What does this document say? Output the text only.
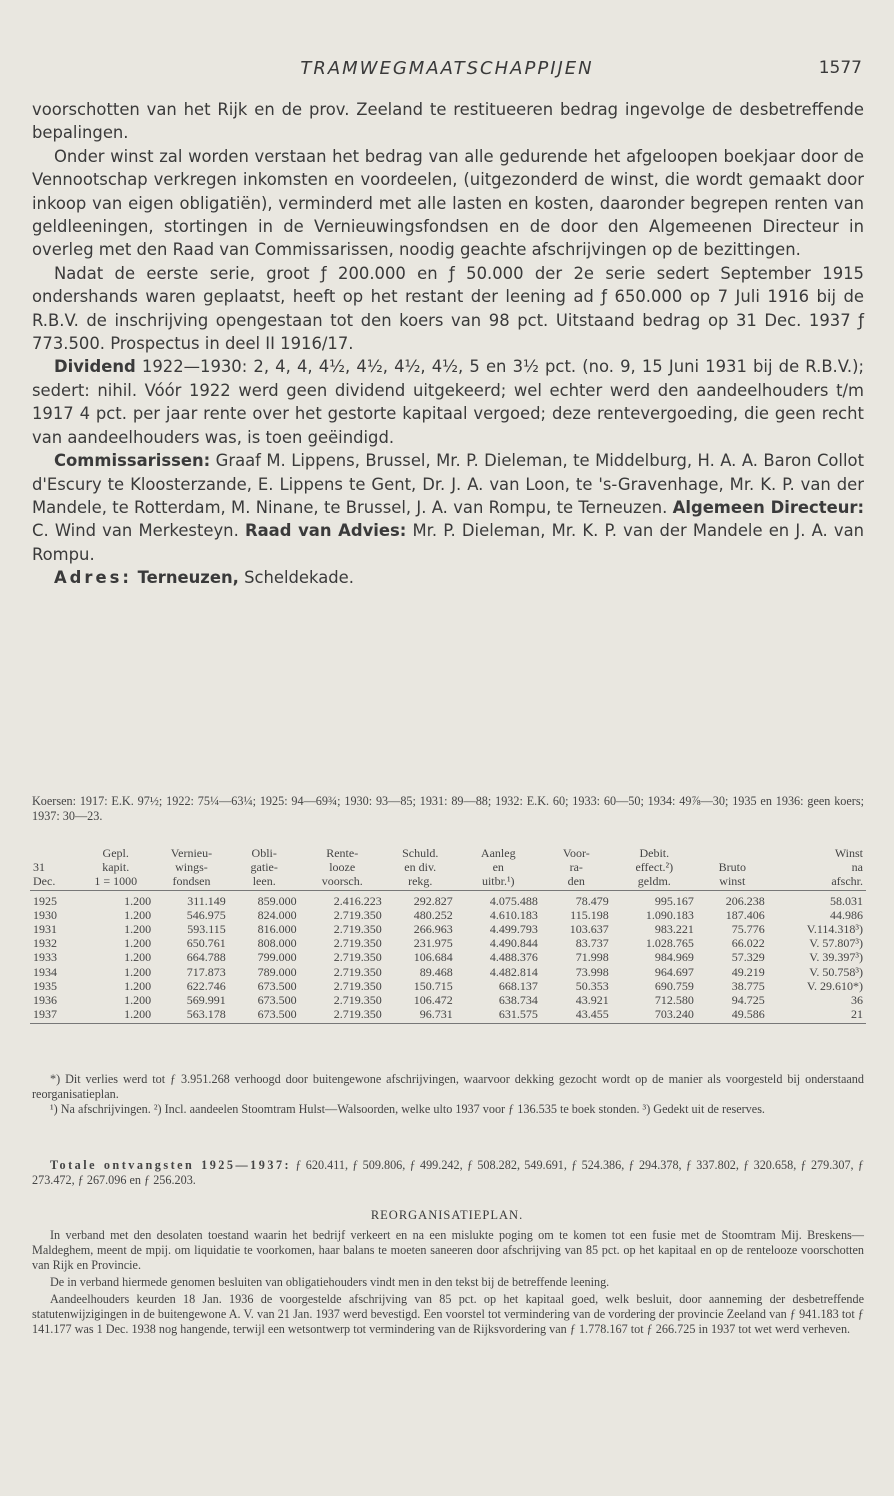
TRAMWEGMAATSCHAPPIJEN	1577

voorschotten van het Rijk en de prov. Zeeland te restitueeren bedrag ingevolge de desbetreffende bepalingen.

Onder winst zal worden verstaan het bedrag van alle gedurende het afgeloopen boekjaar door de Vennootschap verkregen inkomsten en voordeelen, (uitgezonderd de winst, die wordt gemaakt door inkoop van eigen obligatiën), verminderd met alle lasten en kosten, daaronder begrepen renten van geldleeningen, stortingen in de Vernieuwingsfondsen en de door den Algemeenen Directeur in overleg met den Raad van Commissarissen, noodig geachte afschrijvingen op de bezittingen.

Nadat de eerste serie, groot ƒ 200.000 en ƒ 50.000 der 2e serie sedert September 1915 ondershands waren geplaatst, heeft op het restant der leening ad ƒ 650.000 op 7 Juli 1916 bij de R.B.V. de inschrijving opengestaan tot den koers van 98 pct. Uitstaand bedrag op 31 Dec. 1937 ƒ 773.500. Prospectus in deel II 1916/17.

Dividend 1922—1930: 2, 4, 4, 4½, 4½, 4½, 4½, 5 en 3½ pct. (no. 9, 15 Juni 1931 bij de R.B.V.); sedert: nihil. Vóór 1922 werd geen dividend uitgekeerd; wel echter werd den aandeelhouders t/m 1917 4 pct. per jaar rente over het gestorte kapitaal vergoed; deze rentevergoeding, die geen recht van aandeelhouders was, is toen geëindigd.

Commissarissen: Graaf M. Lippens, Brussel, Mr. P. Dieleman, te Middelburg, H. A. A. Baron Collot d'Escury te Kloosterzande, E. Lippens te Gent, Dr. J. A. van Loon, te 's-Gravenhage, Mr. K. P. van der Mandele, te Rotterdam, M. Ninane, te Brussel, J. A. van Rompu, te Terneuzen. Algemeen Directeur: C. Wind van Merkesteyn. Raad van Advies: Mr. P. Dieleman, Mr. K. P. van der Mandele en J. A. van Rompu.

Adres: Terneuzen, Scheldekade.

Koersen: 1917: E.K. 97½; 1922: 75¼—63¼; 1925: 94—69¾; 1930: 93—85; 1931: 89—88; 1932: E.K. 60; 1933: 60—50; 1934: 49⅞—30; 1935 en 1936: geen koers; 1937: 30—23.

	Gepl.	Vernieu-	Obli-	Rente-	Schuld.	Aanleg	Voor-	Debit.		Winst
31	kapit.	wings-	gatie-	looze	en div.	en	ra-	effect.²)	Bruto	na
Dec.	1 = 1000	fondsen	leen.	voorsch.	rekg.	uitbr.¹)	den	geldm.	winst	afschr.
1925	1.200	311.149	859.000	2.416.223	292.827	4.075.488	78.479	995.167	206.238	58.031
1930	1.200	546.975	824.000	2.719.350	480.252	4.610.183	115.198	1.090.183	187.406	44.986
1931	1.200	593.115	816.000	2.719.350	266.963	4.499.793	103.637	983.221	75.776	V.114.318³)
1932	1.200	650.761	808.000	2.719.350	231.975	4.490.844	83.737	1.028.765	66.022	V. 57.807³)
1933	1.200	664.788	799.000	2.719.350	106.684	4.488.376	71.998	984.969	57.329	V. 39.397³)
1934	1.200	717.873	789.000	2.719.350	89.468	4.482.814	73.998	964.697	49.219	V. 50.758³)
1935	1.200	622.746	673.500	2.719.350	150.715	668.137	50.353	690.759	38.775	V. 29.610*)
1936	1.200	569.991	673.500	2.719.350	106.472	638.734	43.921	712.580	94.725	36
1937	1.200	563.178	673.500	2.719.350	96.731	631.575	43.455	703.240	49.586	21

*) Dit verlies werd tot ƒ 3.951.268 verhoogd door buitengewone afschrijvingen, waarvoor dekking gezocht wordt op de manier als voorgesteld bij onderstaand reorganisatieplan.

¹) Na afschrijvingen. ²) Incl. aandeelen Stoomtram Hulst—Walsoorden, welke ulto 1937 voor ƒ 136.535 te boek stonden. ³) Gedekt uit de reserves.

Totale ontvangsten 1925—1937: ƒ 620.411, ƒ 509.806, ƒ 499.242, ƒ 508.282, 549.691, ƒ 524.386, ƒ 294.378, ƒ 337.802, ƒ 320.658, ƒ 279.307, ƒ 273.472, ƒ 267.096 en ƒ 256.203.

REORGANISATIEPLAN.

In verband met den desolaten toestand waarin het bedrijf verkeert en na een mislukte poging om te komen tot een fusie met de Stoomtram Mij. Breskens—Maldeghem, meent de mpij. om liquidatie te voorkomen, haar balans te moeten saneeren door afschrijving van 85 pct. op het kapitaal en op de rentelooze voorschotten van Rijk en Provincie.

De in verband hiermede genomen besluiten van obligatiehouders vindt men in den tekst bij de betreffende leening.

Aandeelhouders keurden 18 Jan. 1936 de voorgestelde afschrijving van 85 pct. op het kapitaal goed, welk besluit, door aanneming der desbetreffende statutenwijzigingen in de buitengewone A. V. van 21 Jan. 1937 werd bevestigd. Een voorstel tot vermindering van de vordering der provincie Zeeland van ƒ 941.183 tot ƒ 141.177 was 1 Dec. 1938 nog hangende, terwijl een wetsontwerp tot vermindering van de Rijksvordering van ƒ 1.778.167 tot ƒ 266.725 in 1937 tot wet werd verheven.
